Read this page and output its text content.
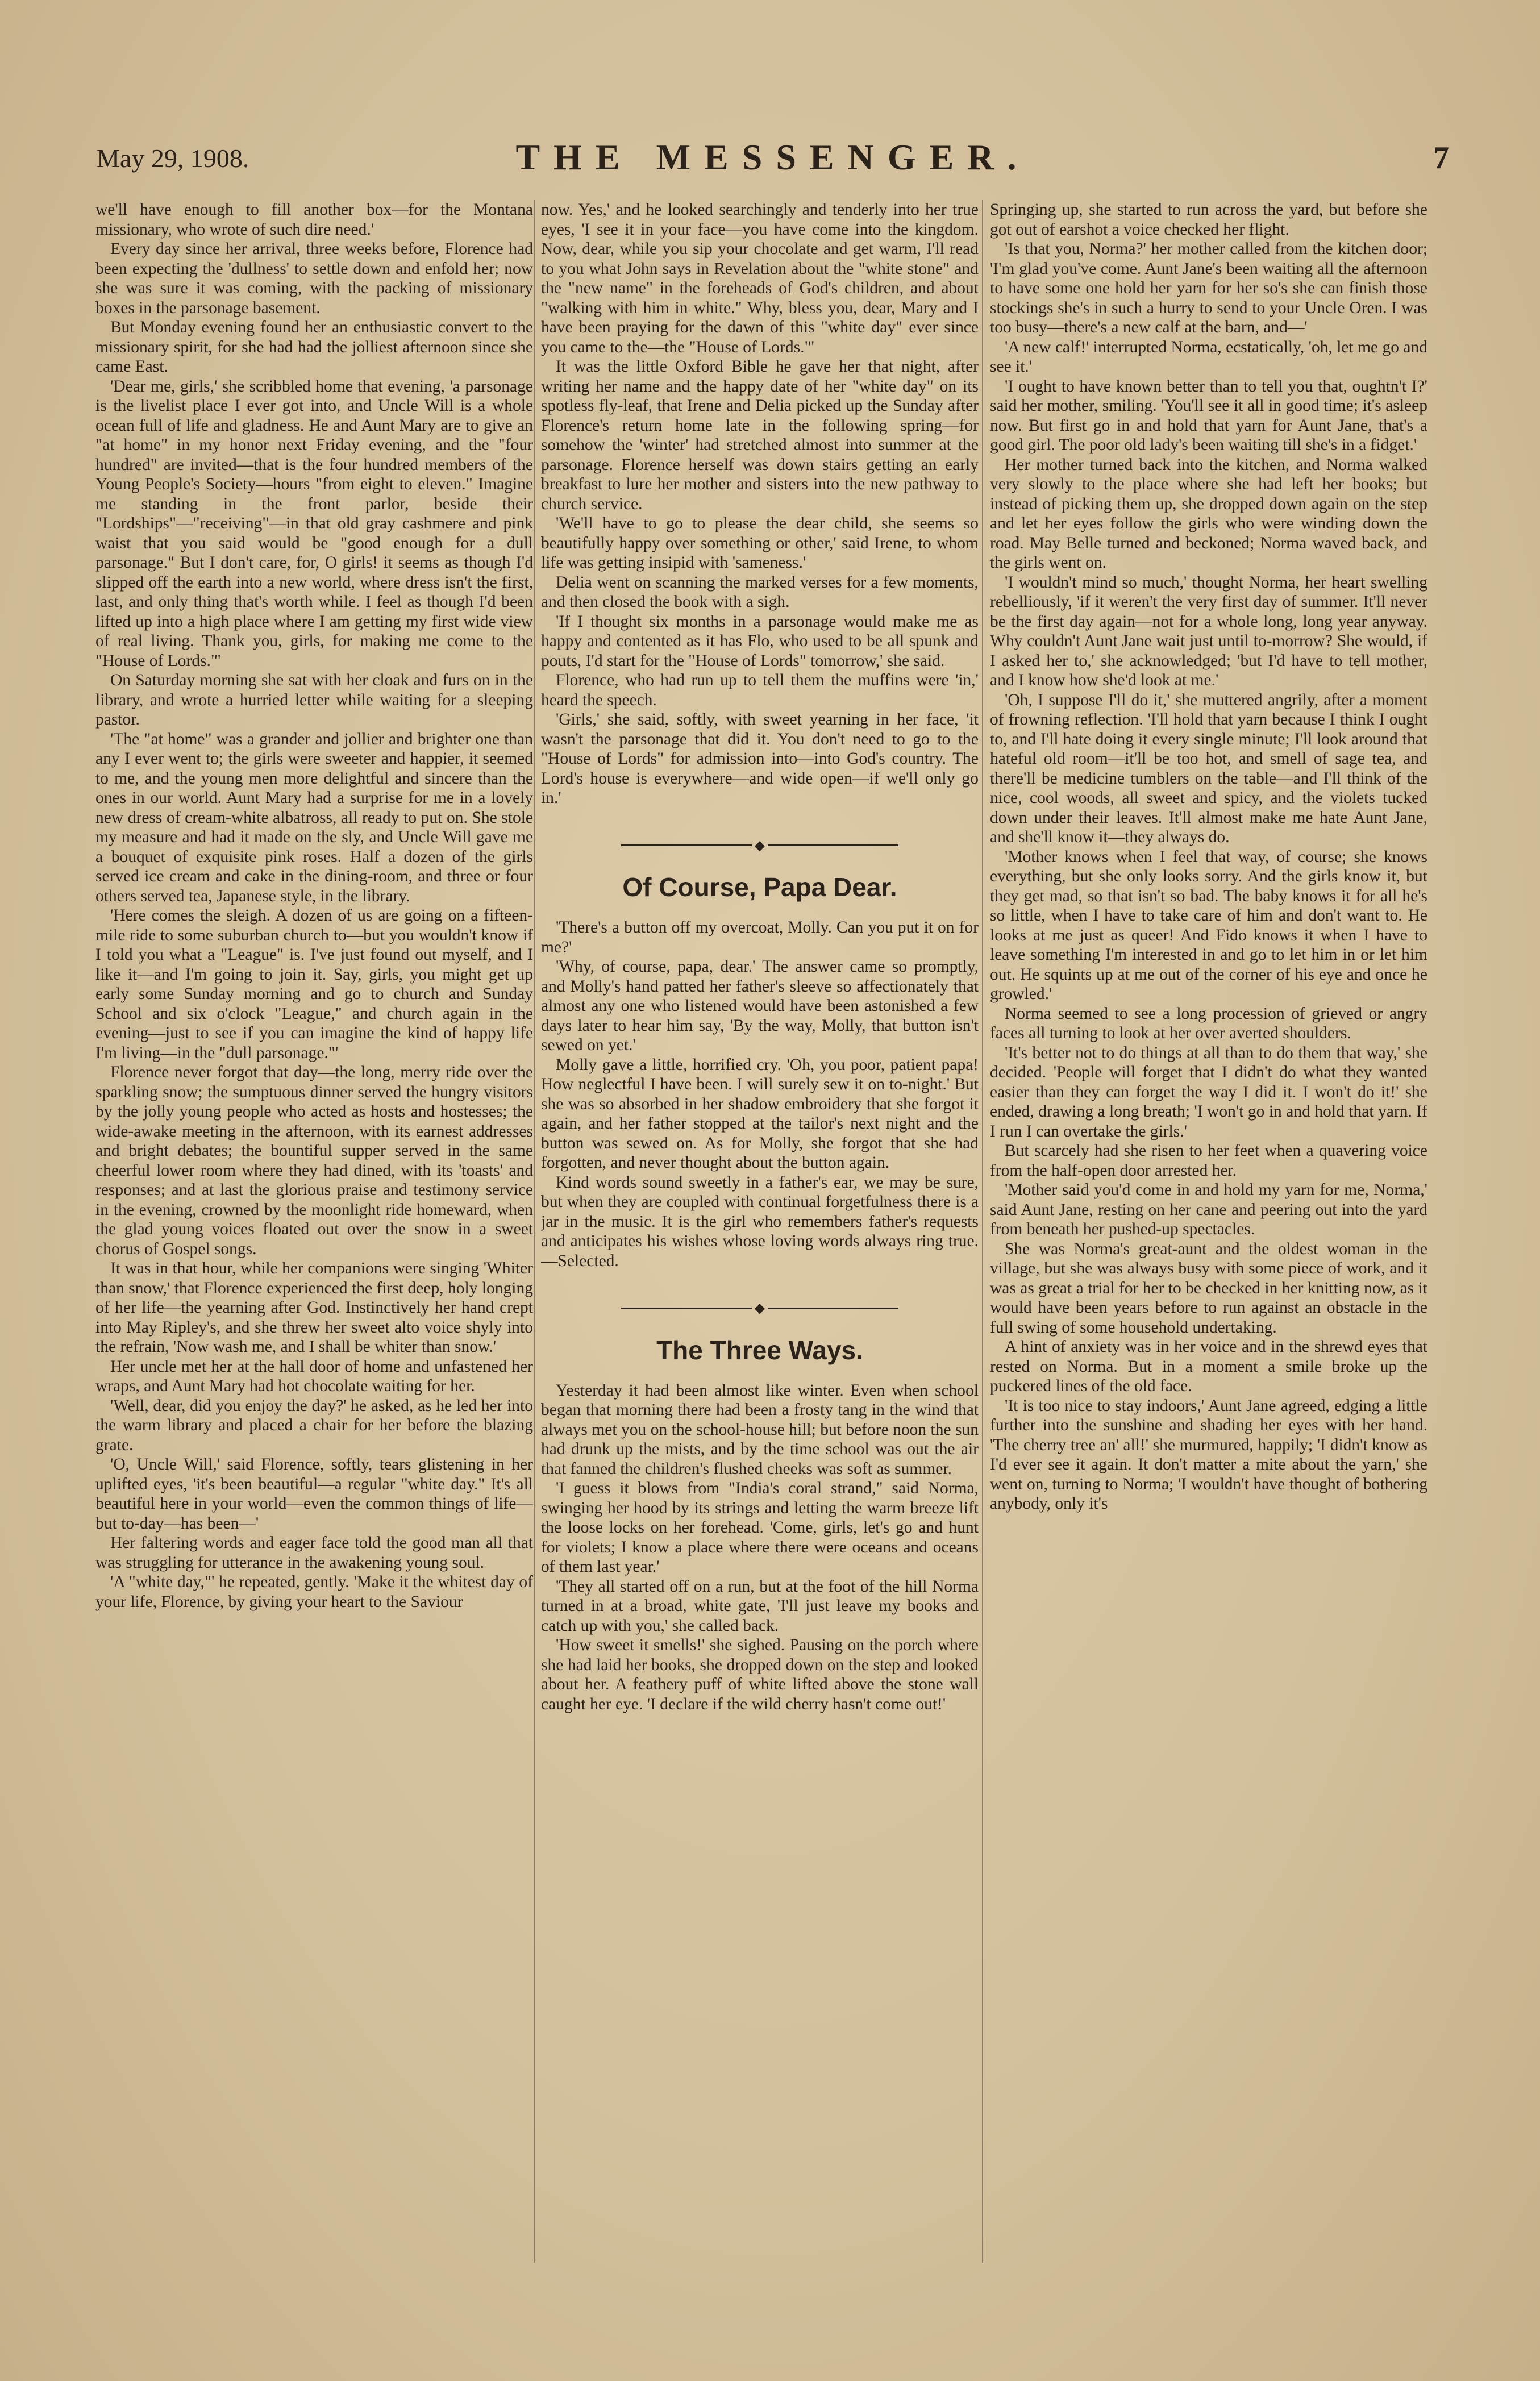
May 29, 1908.	THE MESSENGER.	7

we'll have enough to fill another box—for the Montana missionary, who wrote of such dire need.'

Every day since her arrival, three weeks before, Florence had been expecting the 'dullness' to settle down and enfold her; now she was sure it was coming, with the packing of missionary boxes in the parsonage basement.

But Monday evening found her an enthusiastic convert to the missionary spirit, for she had had the jolliest afternoon since she came East.

'Dear me, girls,' she scribbled home that evening, 'a parsonage is the livelist place I ever got into, and Uncle Will is a whole ocean full of life and gladness. He and Aunt Mary are to give an "at home" in my honor next Friday evening, and the "four hundred" are invited—that is the four hundred members of the Young People's Society—hours "from eight to eleven." Imagine me standing in the front parlor, beside their "Lordships"—"receiving"—in that old gray cashmere and pink waist that you said would be "good enough for a dull parsonage." But I don't care, for, O girls! it seems as though I'd slipped off the earth into a new world, where dress isn't the first, last, and only thing that's worth while. I feel as though I'd been lifted up into a high place where I am getting my first wide view of real living. Thank you, girls, for making me come to the "House of Lords."'

On Saturday morning she sat with her cloak and furs on in the library, and wrote a hurried letter while waiting for a sleeping pastor.

'The "at home" was a grander and jollier and brighter one than any I ever went to; the girls were sweeter and happier, it seemed to me, and the young men more delightful and sincere than the ones in our world. Aunt Mary had a surprise for me in a lovely new dress of cream-white albatross, all ready to put on. She stole my measure and had it made on the sly, and Uncle Will gave me a bouquet of exquisite pink roses. Half a dozen of the girls served ice cream and cake in the dining-room, and three or four others served tea, Japanese style, in the library.

'Here comes the sleigh. A dozen of us are going on a fifteen-mile ride to some suburban church to—but you wouldn't know if I told you what a "League" is. I've just found out myself, and I like it—and I'm going to join it. Say, girls, you might get up early some Sunday morning and go to church and Sunday School and six o'clock "League," and church again in the evening—just to see if you can imagine the kind of happy life I'm living—in the "dull parsonage."'

Florence never forgot that day—the long, merry ride over the sparkling snow; the sumptuous dinner served the hungry visitors by the jolly young people who acted as hosts and hostesses; the wide-awake meeting in the afternoon, with its earnest addresses and bright debates; the bountiful supper served in the same cheerful lower room where they had dined, with its 'toasts' and responses; and at last the glorious praise and testimony service in the evening, crowned by the moonlight ride homeward, when the glad young voices floated out over the snow in a sweet chorus of Gospel songs.

It was in that hour, while her companions were singing 'Whiter than snow,' that Florence experienced the first deep, holy longing of her life—the yearning after God. Instinctively her hand crept into May Ripley's, and she threw her sweet alto voice shyly into the refrain, 'Now wash me, and I shall be whiter than snow.'

Her uncle met her at the hall door of home and unfastened her wraps, and Aunt Mary had hot chocolate waiting for her.

'Well, dear, did you enjoy the day?' he asked, as he led her into the warm library and placed a chair for her before the blazing grate.

'O, Uncle Will,' said Florence, softly, tears glistening in her uplifted eyes, 'it's been beautiful—a regular "white day." It's all beautiful here in your world—even the common things of life—but to-day—has been—'

Her faltering words and eager face told the good man all that was struggling for utterance in the awakening young soul.

'A "white day,"' he repeated, gently. 'Make it the whitest day of your life, Florence, by giving your heart to the Saviour

now. Yes,' and he looked searchingly and tenderly into her true eyes, 'I see it in your face—you have come into the kingdom. Now, dear, while you sip your chocolate and get warm, I'll read to you what John says in Revelation about the "white stone" and the "new name" in the foreheads of God's children, and about "walking with him in white." Why, bless you, dear, Mary and I have been praying for the dawn of this "white day" ever since you came to the—the "House of Lords."'

It was the little Oxford Bible he gave her that night, after writing her name and the happy date of her "white day" on its spotless fly-leaf, that Irene and Delia picked up the Sunday after Florence's return home late in the following spring—for somehow the 'winter' had stretched almost into summer at the parsonage. Florence herself was down stairs getting an early breakfast to lure her mother and sisters into the new pathway to church service.

'We'll have to go to please the dear child, she seems so beautifully happy over something or other,' said Irene, to whom life was getting insipid with 'sameness.'

Delia went on scanning the marked verses for a few moments, and then closed the book with a sigh.

'If I thought six months in a parsonage would make me as happy and contented as it has Flo, who used to be all spunk and pouts, I'd start for the "House of Lords" tomorrow,' she said.

Florence, who had run up to tell them the muffins were 'in,' heard the speech.

'Girls,' she said, softly, with sweet yearning in her face, 'it wasn't the parsonage that did it. You don't need to go to the "House of Lords" for admission into—into God's country. The Lord's house is everywhere—and wide open—if we'll only go in.'

◆
Of Course, Papa Dear.

'There's a button off my overcoat, Molly. Can you put it on for me?'

'Why, of course, papa, dear.' The answer came so promptly, and Molly's hand patted her father's sleeve so affectionately that almost any one who listened would have been astonished a few days later to hear him say, 'By the way, Molly, that button isn't sewed on yet.'

Molly gave a little, horrified cry. 'Oh, you poor, patient papa! How neglectful I have been. I will surely sew it on to-night.' But she was so absorbed in her shadow embroidery that she forgot it again, and her father stopped at the tailor's next night and the button was sewed on. As for Molly, she forgot that she had forgotten, and never thought about the button again.

Kind words sound sweetly in a father's ear, we may be sure, but when they are coupled with continual forgetfulness there is a jar in the music. It is the girl who remembers father's requests and anticipates his wishes whose loving words always ring true.—Selected.

◆
The Three Ways.

Yesterday it had been almost like winter. Even when school began that morning there had been a frosty tang in the wind that always met you on the school-house hill; but before noon the sun had drunk up the mists, and by the time school was out the air that fanned the children's flushed cheeks was soft as summer.

'I guess it blows from "India's coral strand," said Norma, swinging her hood by its strings and letting the warm breeze lift the loose locks on her forehead. 'Come, girls, let's go and hunt for violets; I know a place where there were oceans and oceans of them last year.'

'They all started off on a run, but at the foot of the hill Norma turned in at a broad, white gate, 'I'll just leave my books and catch up with you,' she called back.

'How sweet it smells!' she sighed. Pausing on the porch where she had laid her books, she dropped down on the step and looked about her. A feathery puff of white lifted above the stone wall caught her eye. 'I declare if the wild cherry hasn't come out!'

Springing up, she started to run across the yard, but before she got out of earshot a voice checked her flight.

'Is that you, Norma?' her mother called from the kitchen door; 'I'm glad you've come. Aunt Jane's been waiting all the afternoon to have some one hold her yarn for her so's she can finish those stockings she's in such a hurry to send to your Uncle Oren. I was too busy—there's a new calf at the barn, and—'

'A new calf!' interrupted Norma, ecstatically, 'oh, let me go and see it.'

'I ought to have known better than to tell you that, oughtn't I?' said her mother, smiling. 'You'll see it all in good time; it's asleep now. But first go in and hold that yarn for Aunt Jane, that's a good girl. The poor old lady's been waiting till she's in a fidget.'

Her mother turned back into the kitchen, and Norma walked very slowly to the place where she had left her books; but instead of picking them up, she dropped down again on the step and let her eyes follow the girls who were winding down the road. May Belle turned and beckoned; Norma waved back, and the girls went on.

'I wouldn't mind so much,' thought Norma, her heart swelling rebelliously, 'if it weren't the very first day of summer. It'll never be the first day again—not for a whole long, long year anyway. Why couldn't Aunt Jane wait just until to-morrow? She would, if I asked her to,' she acknowledged; 'but I'd have to tell mother, and I know how she'd look at me.'

'Oh, I suppose I'll do it,' she muttered angrily, after a moment of frowning reflection. 'I'll hold that yarn because I think I ought to, and I'll hate doing it every single minute; I'll look around that hateful old room—it'll be too hot, and smell of sage tea, and there'll be medicine tumblers on the table—and I'll think of the nice, cool woods, all sweet and spicy, and the violets tucked down under their leaves. It'll almost make me hate Aunt Jane, and she'll know it—they always do.

'Mother knows when I feel that way, of course; she knows everything, but she only looks sorry. And the girls know it, but they get mad, so that isn't so bad. The baby knows it for all he's so little, when I have to take care of him and don't want to. He looks at me just as queer! And Fido knows it when I have to leave something I'm interested in and go to let him in or let him out. He squints up at me out of the corner of his eye and once he growled.'

Norma seemed to see a long procession of grieved or angry faces all turning to look at her over averted shoulders.

'It's better not to do things at all than to do them that way,' she decided. 'People will forget that I didn't do what they wanted easier than they can forget the way I did it. I won't do it!' she ended, drawing a long breath; 'I won't go in and hold that yarn. If I run I can overtake the girls.'

But scarcely had she risen to her feet when a quavering voice from the half-open door arrested her.

'Mother said you'd come in and hold my yarn for me, Norma,' said Aunt Jane, resting on her cane and peering out into the yard from beneath her pushed-up spectacles.

She was Norma's great-aunt and the oldest woman in the village, but she was always busy with some piece of work, and it was as great a trial for her to be checked in her knitting now, as it would have been years before to run against an obstacle in the full swing of some household undertaking.

A hint of anxiety was in her voice and in the shrewd eyes that rested on Norma. But in a moment a smile broke up the puckered lines of the old face.

'It is too nice to stay indoors,' Aunt Jane agreed, edging a little further into the sunshine and shading her eyes with her hand. 'The cherry tree an' all!' she murmured, happily; 'I didn't know as I'd ever see it again. It don't matter a mite about the yarn,' she went on, turning to Norma; 'I wouldn't have thought of bothering anybody, only it's
